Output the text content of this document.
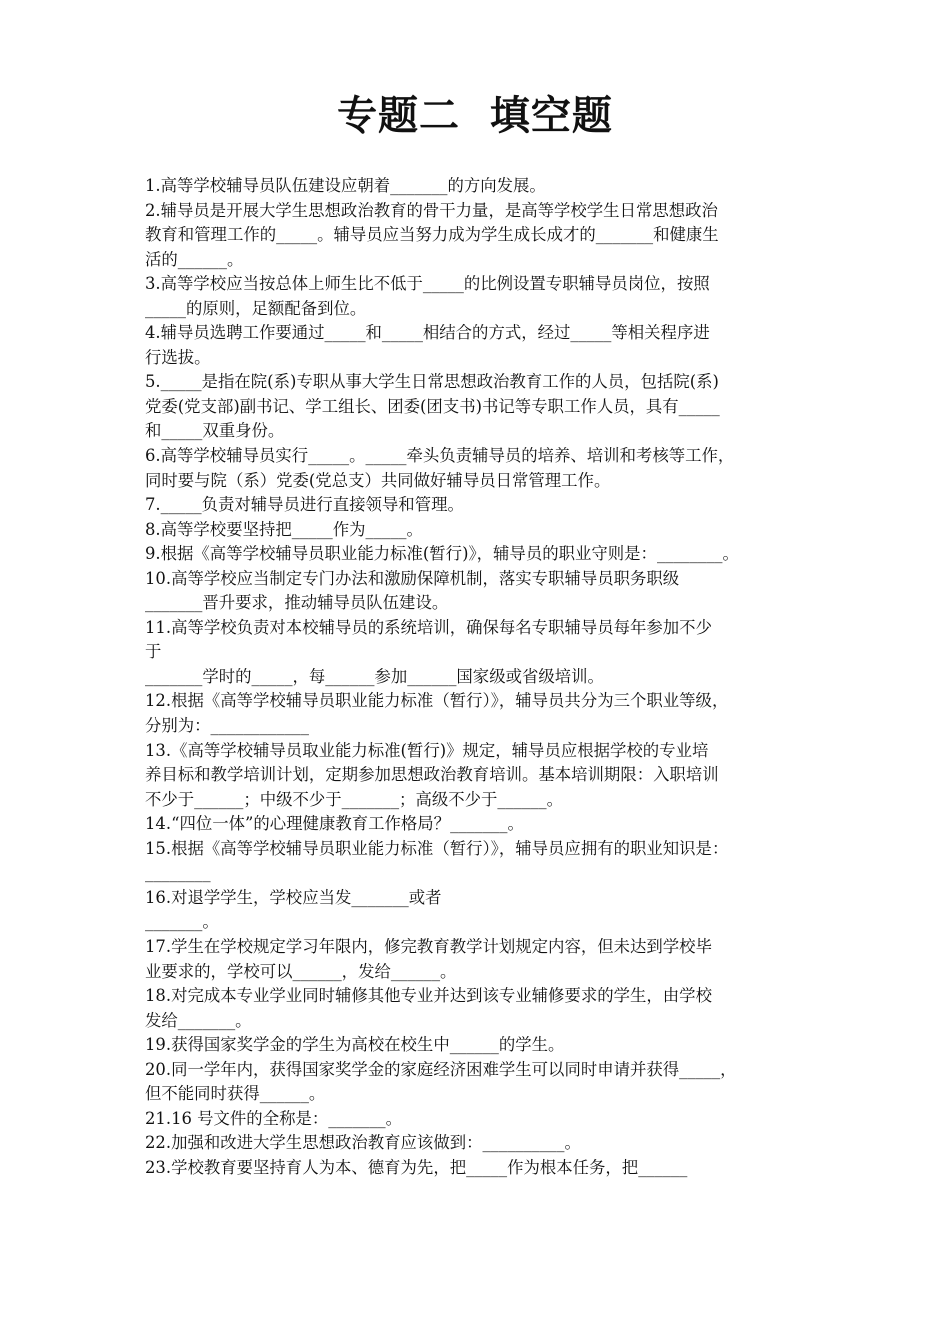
专题二  填空题
1.高等学校辅导员队伍建设应朝着_______的方向发展。
2.辅导员是开展大学生思想政治教育的骨干力量，是高等学校学生日常思想政治
教育和管理工作的_____。辅导员应当努力成为学生成长成才的_______和健康生
活的______。
3.高等学校应当按总体上师生比不低于_____的比例设置专职辅导员岗位，按照
_____的原则，足额配备到位。
4.辅导员选聘工作要通过_____和_____相结合的方式，经过_____等相关程序进
行选拔。
5._____是指在院(系)专职从事大学生日常思想政治教育工作的人员，包括院(系)
党委(党支部)副书记、学工组长、团委(团支书)书记等专职工作人员，具有_____
和_____双重身份。
6.高等学校辅导员实行_____。_____牵头负责辅导员的培养、培训和考核等工作，
同时要与院（系）党委(党总支）共同做好辅导员日常管理工作。
7._____负责对辅导员进行直接领导和管理。
8.高等学校要坚持把_____作为_____。
9.根据《高等学校辅导员职业能力标准(暂行)》，辅导员的职业守则是：________。
10.高等学校应当制定专门办法和激励保障机制，落实专职辅导员职务职级
_______晋升要求，推动辅导员队伍建设。
11.高等学校负责对本校辅导员的系统培训，确保每名专职辅导员每年参加不少
于
_______学时的_____，每______参加______国家级或省级培训。
12.根据《高等学校辅导员职业能力标准（暂行）》，辅导员共分为三个职业等级，
分别为：____________
13.《高等学校辅导员取业能力标准(暂行)》规定，辅导员应根据学校的专业培
养目标和教学培训计划，定期参加思想政治教育培训。基本培训期限：入职培训
不少于______；中级不少于_______；高级不少于______。
14.“四位一体”的心理健康教育工作格局？_______。
15.根据《高等学校辅导员职业能力标准（暂行）》，辅导员应拥有的职业知识是：
________
16.对退学学生，学校应当发_______或者
_______。
17.学生在学校规定学习年限内，修完教育教学计划规定内容，但未达到学校毕
业要求的，学校可以______，发给______。
18.对完成本专业学业同时辅修其他专业并达到该专业辅修要求的学生，由学校
发给_______。
19.获得国家奖学金的学生为高校在校生中______的学生。
20.同一学年内，获得国家奖学金的家庭经济困难学生可以同时申请并获得_____，
但不能同时获得______。
21.16 号文件的全称是：_______。
22.加强和改进大学生思想政治教育应该做到：__________。
23.学校教育要坚持育人为本、德育为先，把_____作为根本任务，把______
